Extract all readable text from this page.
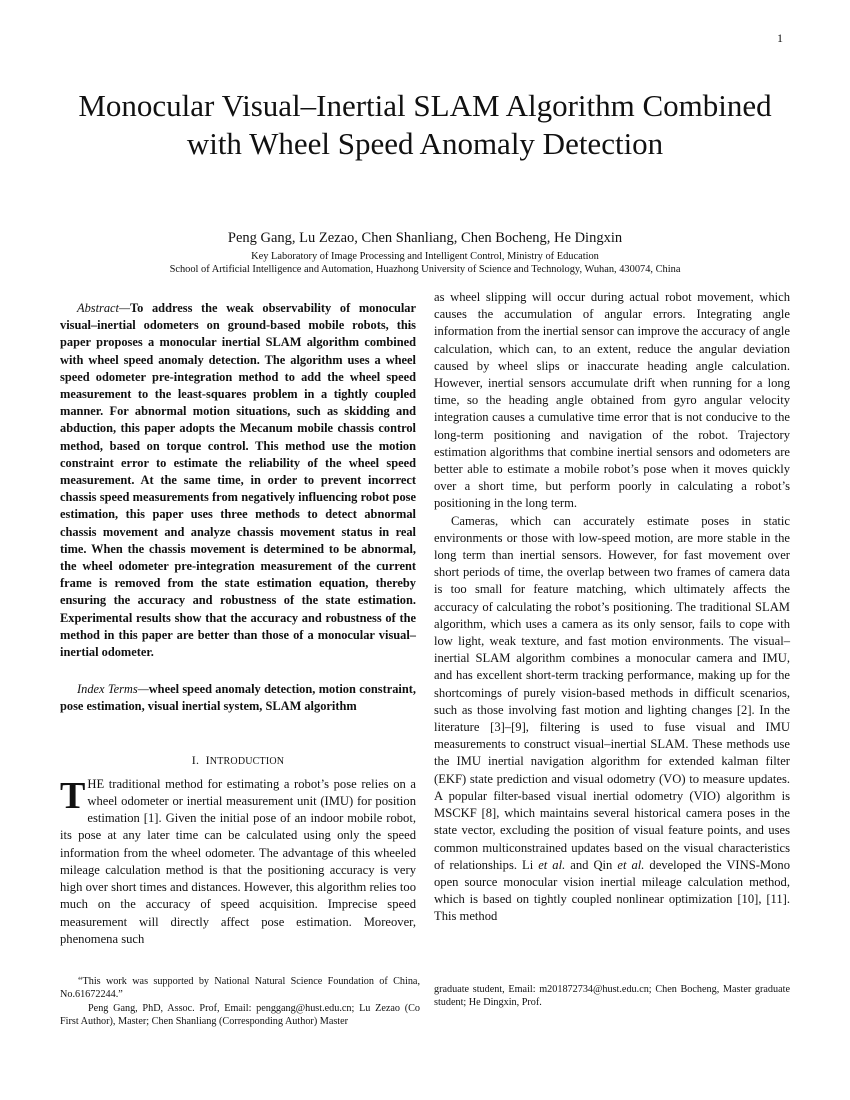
1
Monocular Visual–Inertial SLAM Algorithm Combined with Wheel Speed Anomaly Detection
Peng Gang, Lu Zezao, Chen Shanliang, Chen Bocheng, He Dingxin
Key Laboratory of Image Processing and Intelligent Control, Ministry of Education
School of Artificial Intelligence and Automation, Huazhong University of Science and Technology, Wuhan, 430074, China

Abstract—To address the weak observability of monocular visual–inertial odometers on ground-based mobile robots, this paper proposes a monocular inertial SLAM algorithm combined with wheel speed anomaly detection. The algorithm uses a wheel speed odometer pre-integration method to add the wheel speed measurement to the least-squares problem in a tightly coupled manner. For abnormal motion situations, such as skidding and abduction, this paper adopts the Mecanum mobile chassis control method, based on torque control. This method use the motion constraint error to estimate the reliability of the wheel speed measurement. At the same time, in order to prevent incorrect chassis speed measurements from negatively influencing robot pose estimation, this paper uses three methods to detect abnormal chassis movement and analyze chassis movement status in real time. When the chassis movement is determined to be abnormal, the wheel odometer pre-integration measurement of the current frame is removed from the state estimation equation, thereby ensuring the accuracy and robustness of the state estimation. Experimental results show that the accuracy and robustness of the method in this paper are better than those of a monocular visual–inertial odometer.

Index Terms—wheel speed anomaly detection, motion constraint, pose estimation, visual inertial system, SLAM algorithm

I. INTRODUCTION

THE traditional method for estimating a robot’s pose relies on a wheel odometer or inertial measurement unit (IMU) for position estimation [1]. Given the initial pose of an indoor mobile robot, its pose at any later time can be calculated using only the speed information from the wheel odometer. The advantage of this wheeled mileage calculation method is that the positioning accuracy is very high over short times and distances. However, this algorithm relies too much on the accuracy of speed acquisition. Imprecise speed measurement will directly affect pose estimation. Moreover, phenomena such

as wheel slipping will occur during actual robot movement, which causes the accumulation of angular errors. Integrating angle information from the inertial sensor can improve the accuracy of angle calculation, which can, to an extent, reduce the angular deviation caused by wheel slips or inaccurate heading angle calculation. However, inertial sensors accumulate drift when running for a long time, so the heading angle obtained from gyro angular velocity integration causes a cumulative time error that is not conducive to the long-term positioning and navigation of the robot. Trajectory estimation algorithms that combine inertial sensors and odometers are better able to estimate a mobile robot’s pose when it moves quickly over a short time, but perform poorly in calculating a robot’s positioning in the long term.

Cameras, which can accurately estimate poses in static environments or those with low-speed motion, are more stable in the long term than inertial sensors. However, for fast movement over short periods of time, the overlap between two frames of camera data is too small for feature matching, which ultimately affects the accuracy of calculating the robot’s positioning. The traditional SLAM algorithm, which uses a camera as its only sensor, fails to cope with low light, weak texture, and fast motion environments. The visual–inertial SLAM algorithm combines a monocular camera and IMU, and has excellent short-term tracking performance, making up for the shortcomings of purely vision-based methods in difficult scenarios, such as those involving fast motion and lighting changes [2]. In the literature [3]–[9], filtering is used to fuse visual and IMU measurements to construct visual–inertial SLAM. These methods use the IMU inertial navigation algorithm for extended kalman filter (EKF) state prediction and visual odometry (VO) to measure updates. A popular filter-based visual inertial odometry (VIO) algorithm is MSCKF [8], which maintains several historical camera poses in the state vector, excluding the position of visual feature points, and uses common multiconstrained updates based on the visual characteristics of relationships. Li et al. and Qin et al. developed the VINS-Mono open source monocular vision inertial mileage calculation method, which is based on tightly coupled nonlinear optimization [10], [11]. This method

“This work was supported by National Natural Science Foundation of China, No.61672244.”

Peng Gang, PhD, Assoc. Prof, Email: penggang@hust.edu.cn; Lu Zezao (Co First Author), Master; Chen Shanliang (Corresponding Author) Master

graduate student, Email: m201872734@hust.edu.cn; Chen Bocheng, Master graduate student; He Dingxin, Prof.
